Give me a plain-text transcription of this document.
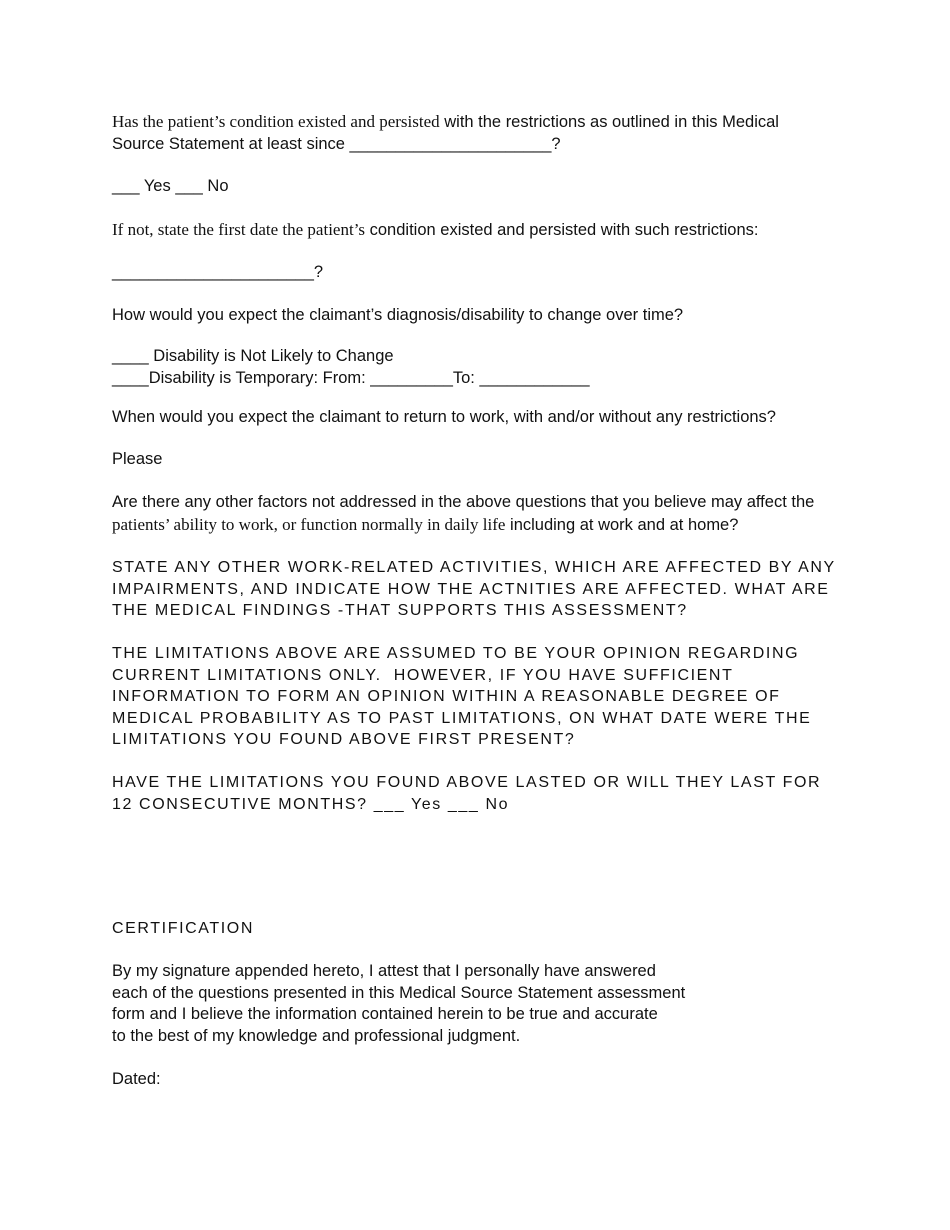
Has the patient’s condition existed and persisted with the restrictions as outlined in this Medical
Source Statement at least since ______________________?
___ Yes ___ No
If not, state the first date the patient’s condition existed and persisted with such restrictions:
______________________?
How would you expect the claimant’s diagnosis/disability to change over time?
____ Disability is Not Likely to Change
____Disability is Temporary: From: _________To: ____________
When would you expect the claimant to return to work, with and/or without any restrictions?
Please
Are there any other factors not addressed in the above questions that you believe may affect the
patients’ ability to work, or function normally in daily life including at work and at home?
STATE ANY OTHER WORK-RELATED ACTIVITIES, WHICH ARE AFFECTED BY ANY
IMPAIRMENTS, AND INDICATE HOW THE ACTNITIES ARE AFFECTED. WHAT ARE
THE MEDICAL FINDINGS -THAT SUPPORTS THIS ASSESSMENT?
THE LIMITATIONS ABOVE ARE ASSUMED TO BE YOUR OPINION REGARDING
CURRENT LIMITATIONS ONLY.  HOWEVER, IF YOU HAVE SUFFICIENT
INFORMATION TO FORM AN OPINION WITHIN A REASONABLE DEGREE OF
MEDICAL PROBABILITY AS TO PAST LIMITATIONS, ON WHAT DATE WERE THE
LIMITATIONS YOU FOUND ABOVE FIRST PRESENT?
HAVE THE LIMITATIONS YOU FOUND ABOVE LASTED OR WILL THEY LAST FOR
12 CONSECUTIVE MONTHS? ___ Yes ___ No
CERTIFICATION
By my signature appended hereto, I attest that I personally have answered
each of the questions presented in this Medical Source Statement assessment
form and I believe the information contained herein to be true and accurate
to the best of my knowledge and professional judgment.
Dated:
